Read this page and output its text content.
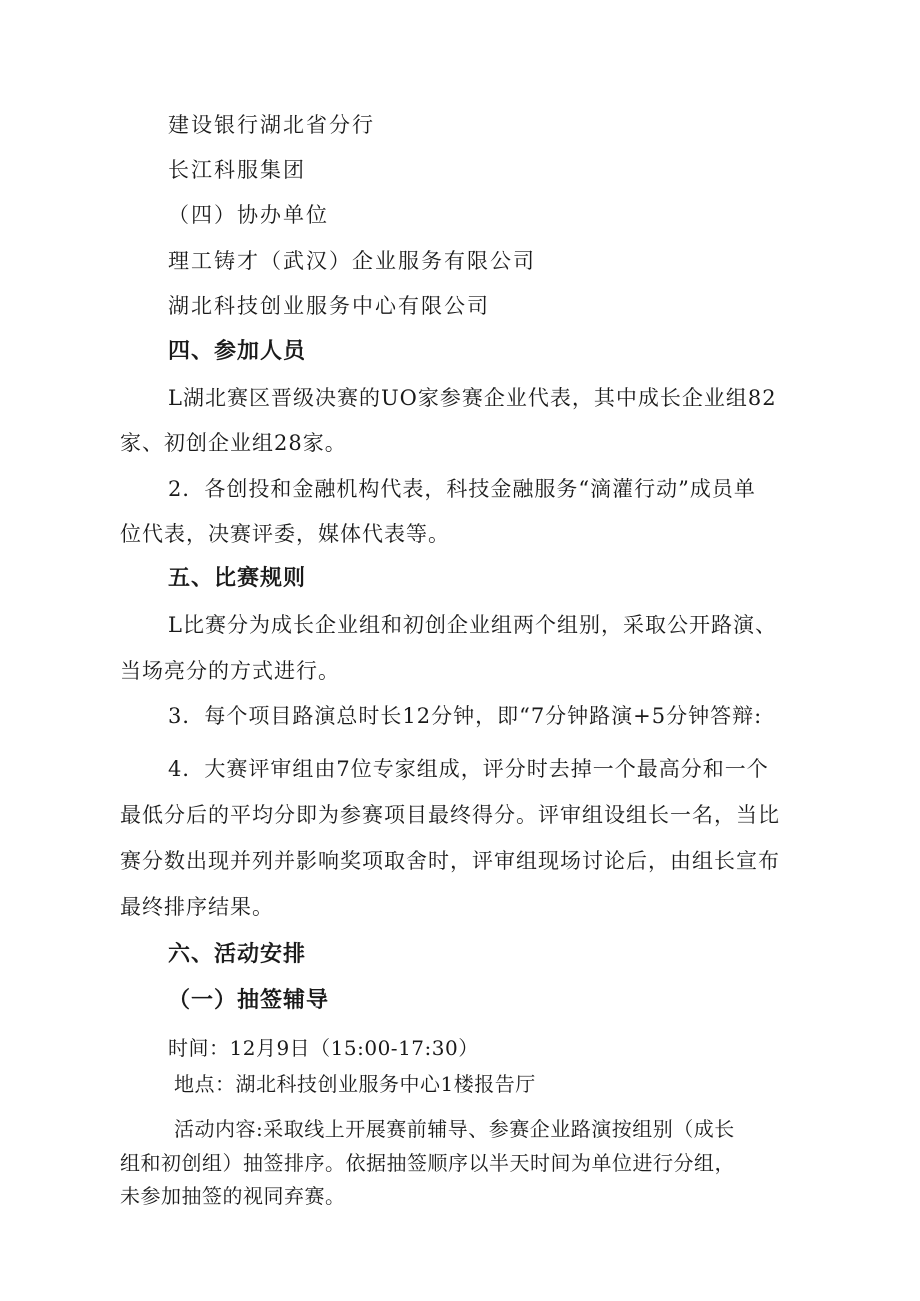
建设银行湖北省分行
长江科服集团
（四）协办单位
理工铸才（武汉）企业服务有限公司
湖北科技创业服务中心有限公司
四、参加人员
L湖北赛区晋级决赛的UO家参赛企业代表，其中成长企业组82
家、初创企业组28家。
2．各创投和金融机构代表，科技金融服务“滴灌行动”成员单
位代表，决赛评委，媒体代表等。
五、比赛规则
L比赛分为成长企业组和初创企业组两个组别，采取公开路演、
当场亮分的方式进行。
3．每个项目路演总时长12分钟，即“7分钟路演+5分钟答辩:
4．大赛评审组由7位专家组成，评分时去掉一个最高分和一个
最低分后的平均分即为参赛项目最终得分。评审组设组长一名，当比
赛分数出现并列并影响奖项取舍时，评审组现场讨论后，由组长宣布
最终排序结果。
六、活动安排
（一）抽签辅导
时间：12月9日（15:00-17:30）
地点：湖北科技创业服务中心1楼报告厅
活动内容:采取线上开展赛前辅导、参赛企业路演按组别（成长
组和初创组）抽签排序。依据抽签顺序以半天时间为单位进行分组，
未参加抽签的视同弃赛。
